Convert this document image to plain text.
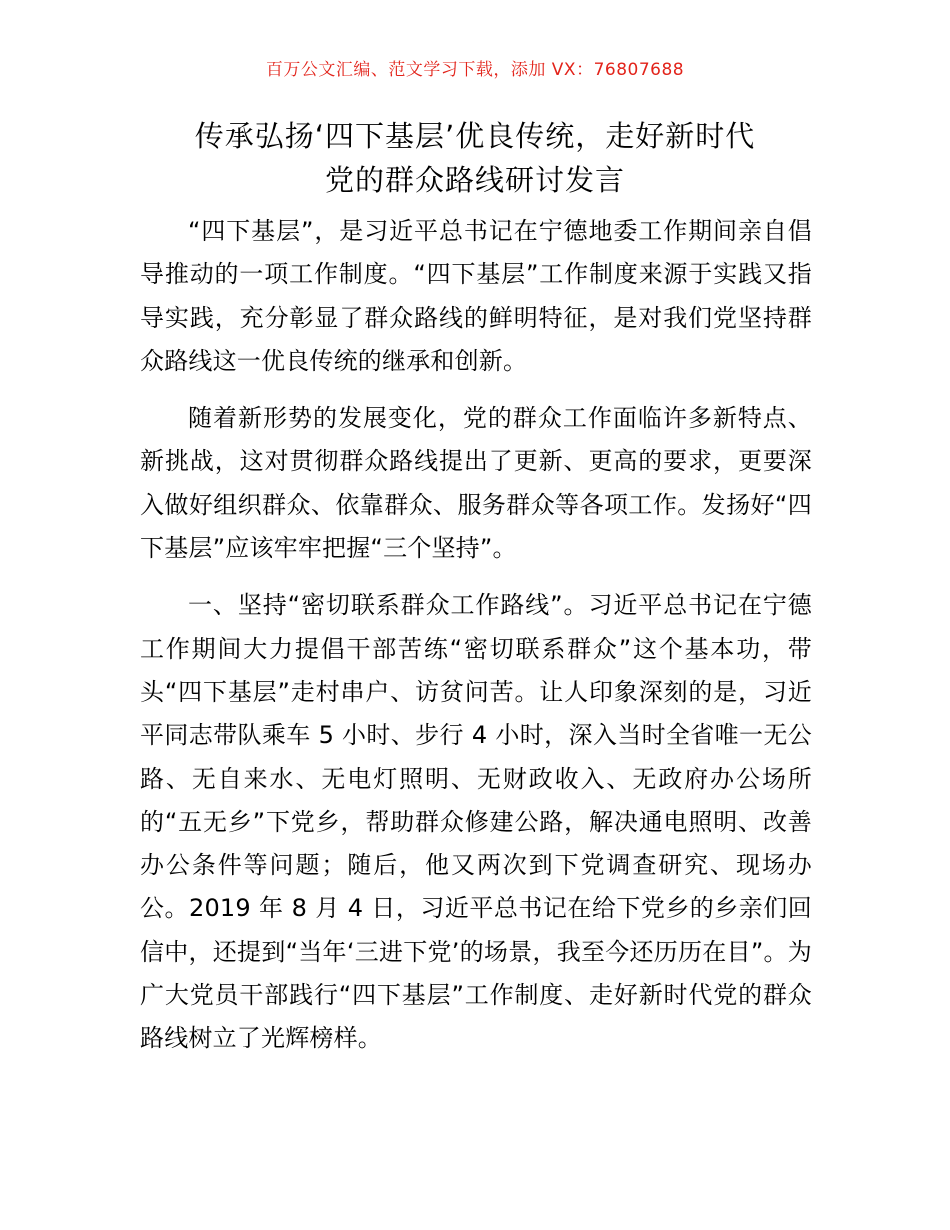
百万公文汇编、范文学习下载，添加 VX：76807688
传承弘扬‘四下基层’优良传统，走好新时代
党的群众路线研讨发言

“四下基层”，是习近平总书记在宁德地委工作期间亲自倡导推动的一项工作制度。“四下基层”工作制度来源于实践又指导实践，充分彰显了群众路线的鲜明特征，是对我们党坚持群众路线这一优良传统的继承和创新。

随着新形势的发展变化，党的群众工作面临许多新特点、新挑战，这对贯彻群众路线提出了更新、更高的要求，更要深入做好组织群众、依靠群众、服务群众等各项工作。发扬好“四下基层”应该牢牢把握“三个坚持”。

一、坚持“密切联系群众工作路线”。习近平总书记在宁德工作期间大力提倡干部苦练“密切联系群众”这个基本功，带头“四下基层”走村串户、访贫问苦。让人印象深刻的是，习近平同志带队乘车 5 小时、步行 4 小时，深入当时全省唯一无公路、无自来水、无电灯照明、无财政收入、无政府办公场所的“五无乡”下党乡，帮助群众修建公路，解决通电照明、改善办公条件等问题；随后，他又两次到下党调查研究、现场办公。2019 年 8 月 4 日，习近平总书记在给下党乡的乡亲们回信中，还提到“当年‘三进下党’的场景，我至今还历历在目”。为广大党员干部践行“四下基层”工作制度、走好新时代党的群众路线树立了光辉榜样。
